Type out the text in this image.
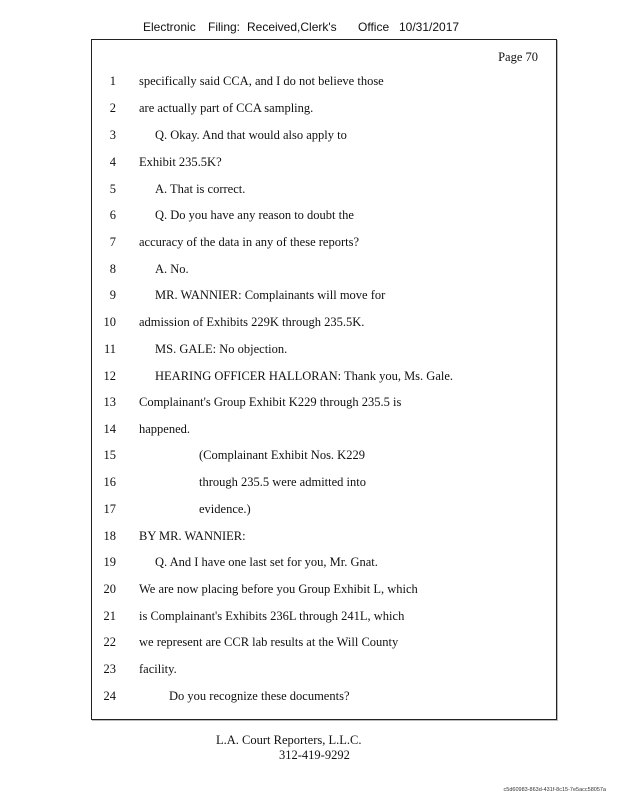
Electronic Filing: Received,Clerk's Office 10/31/2017
Page 70
1 specifically said CCA, and I do not believe those
2 are actually part of CCA sampling.
3	Q. Okay. And that would also apply to
4 Exhibit 235.5K?
5	A. That is correct.
6	Q. Do you have any reason to doubt the
7 accuracy of the data in any of these reports?
8	A. No.
9	MR. WANNIER: Complainants will move for
10 admission of Exhibits 229K through 235.5K.
11	MS. GALE: No objection.
12	HEARING OFFICER HALLORAN: Thank you, Ms. Gale.
13 Complainant's Group Exhibit K229 through 235.5 is
14 happened.
15	(Complainant Exhibit Nos. K229
16	through 235.5 were admitted into
17	evidence.)
18 BY MR. WANNIER:
19	Q. And I have one last set for you, Mr. Gnat.
20 We are now placing before you Group Exhibit L, which
21 is Complainant's Exhibits 236L through 241L, which
22 we represent are CCR lab results at the Will County
23 facility.
24	Do you recognize these documents?
L.A. Court Reporters, L.L.C.
312-419-9292
c5d60983-863d-431f-8c15-7e5acc58057a
